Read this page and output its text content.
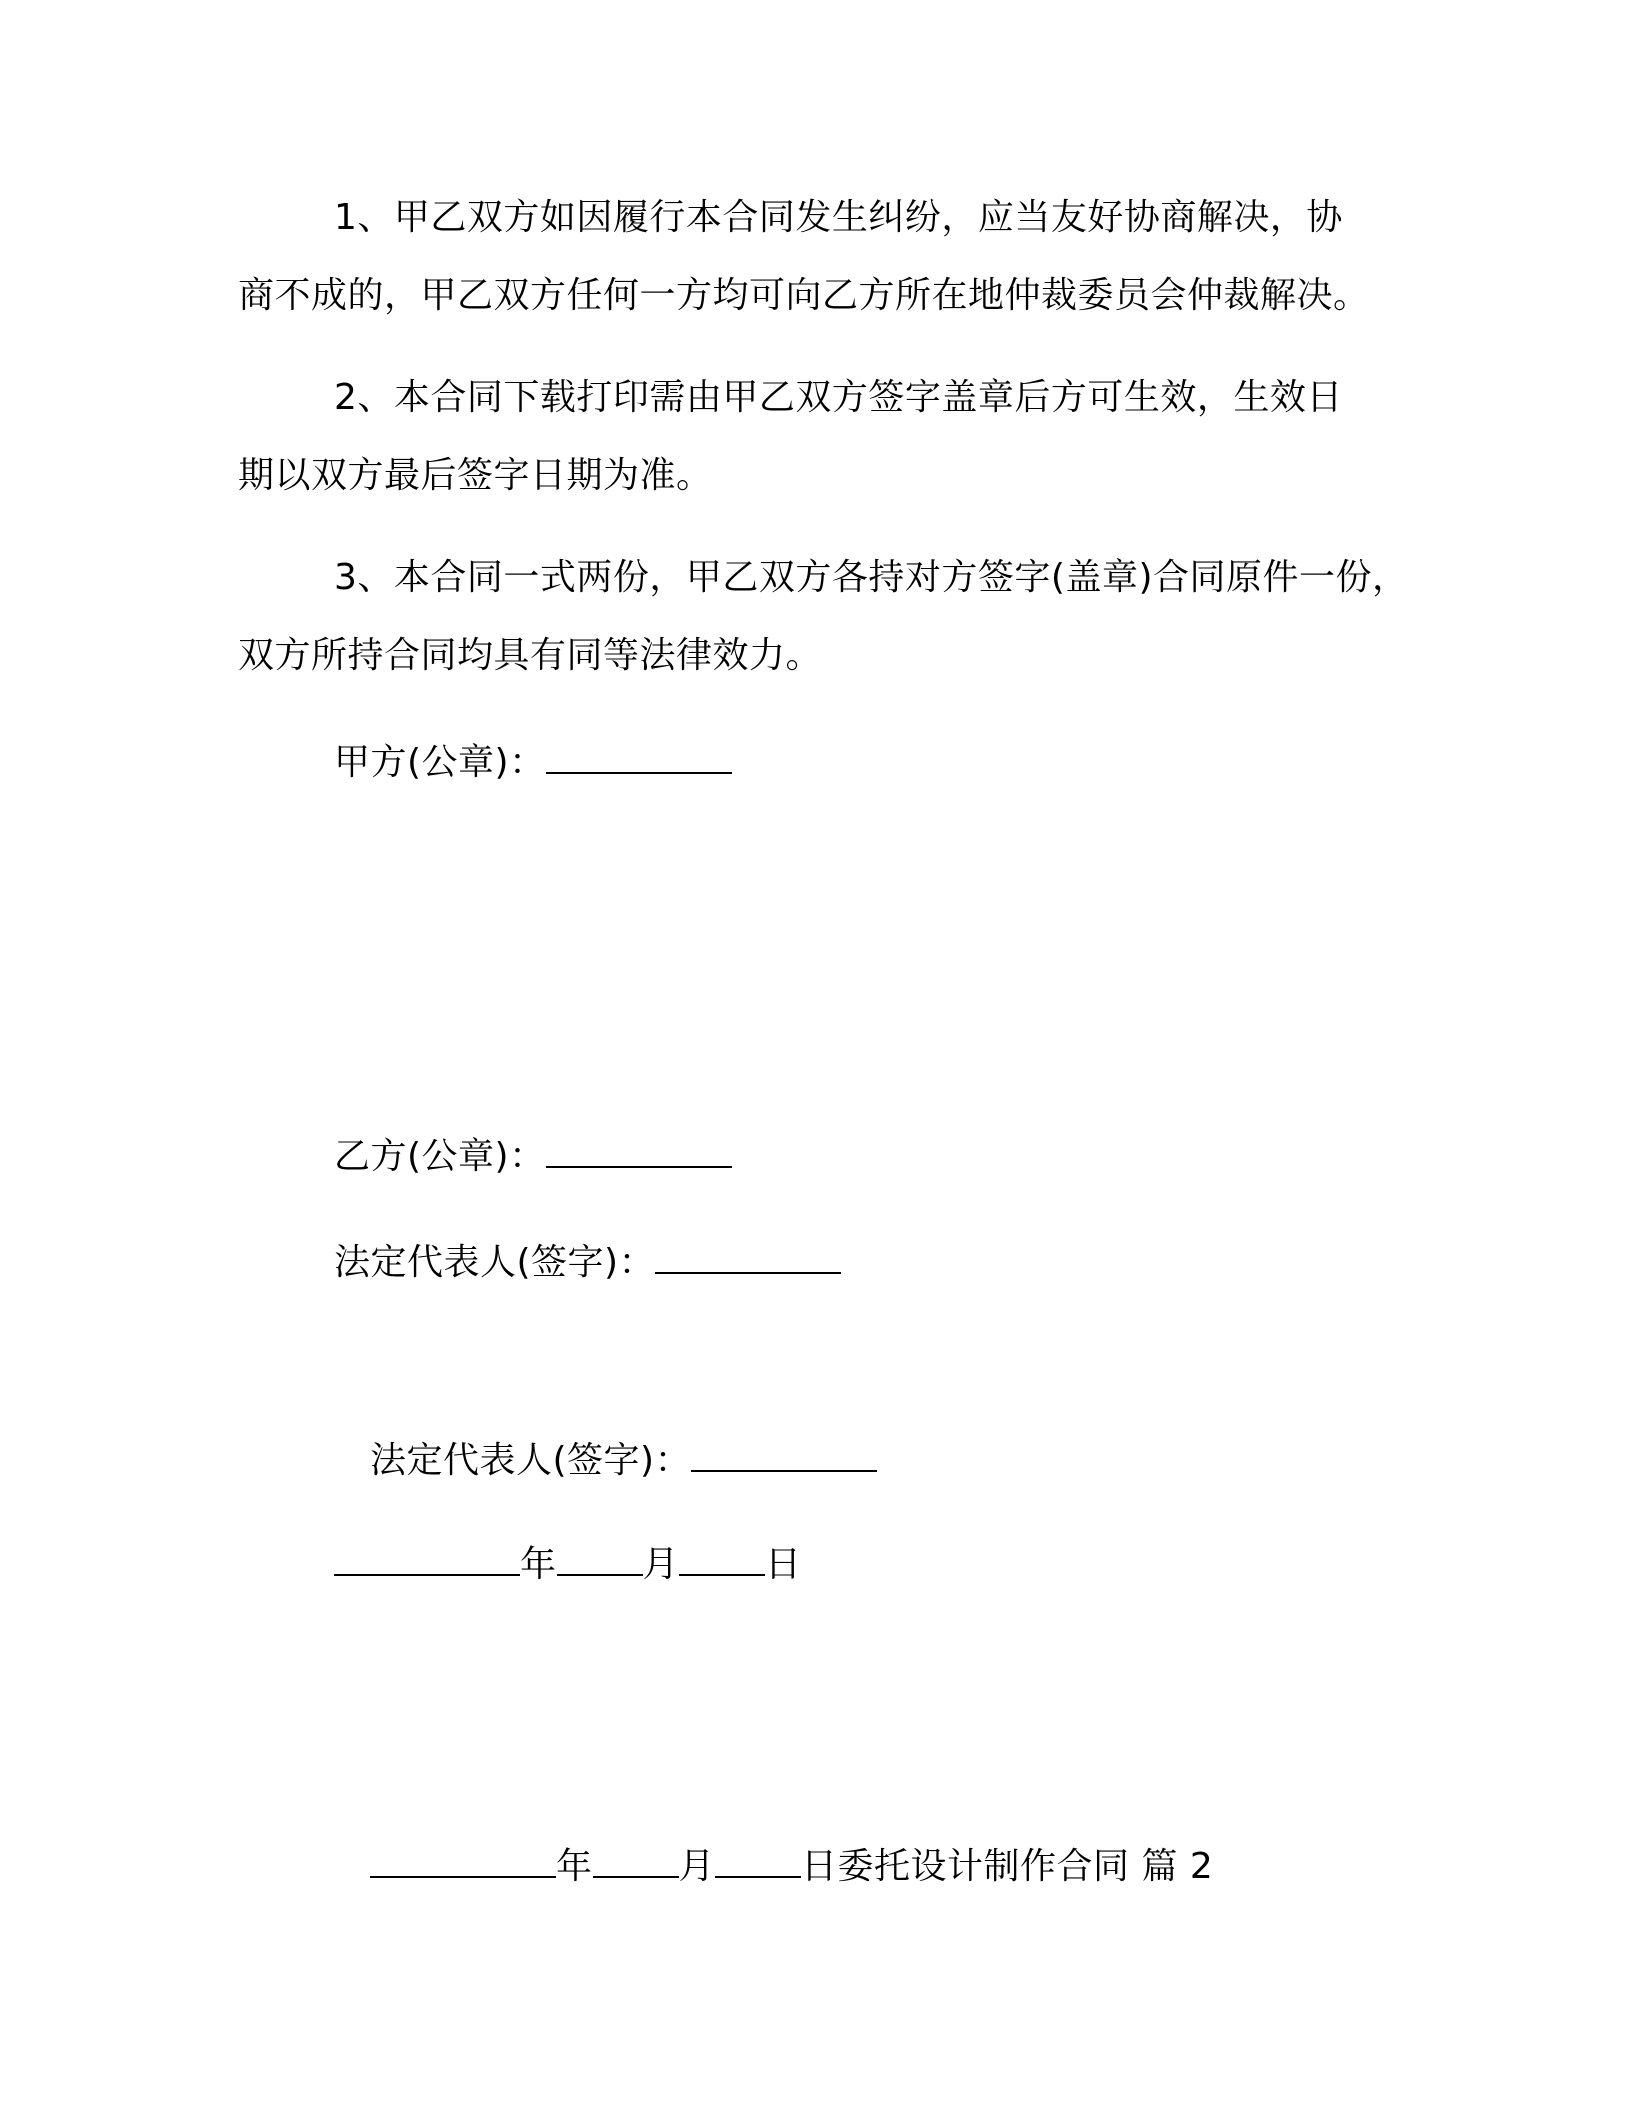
1、甲乙双方如因履行本合同发生纠纷，应当友好协商解决，协
商不成的，甲乙双方任何一方均可向乙方所在地仲裁委员会仲裁解决。
2、本合同下载打印需由甲乙双方签字盖章后方可生效，生效日
期以双方最后签字日期为准。
3、本合同一式两份，甲乙双方各持对方签字(盖章)合同原件一份，
双方所持合同均具有同等法律效力。
甲方(公章)：
乙方(公章)：
法定代表人(签字)：
法定代表人(签字)：
年 月 日
年 月 日委托设计制作合同 篇 2
